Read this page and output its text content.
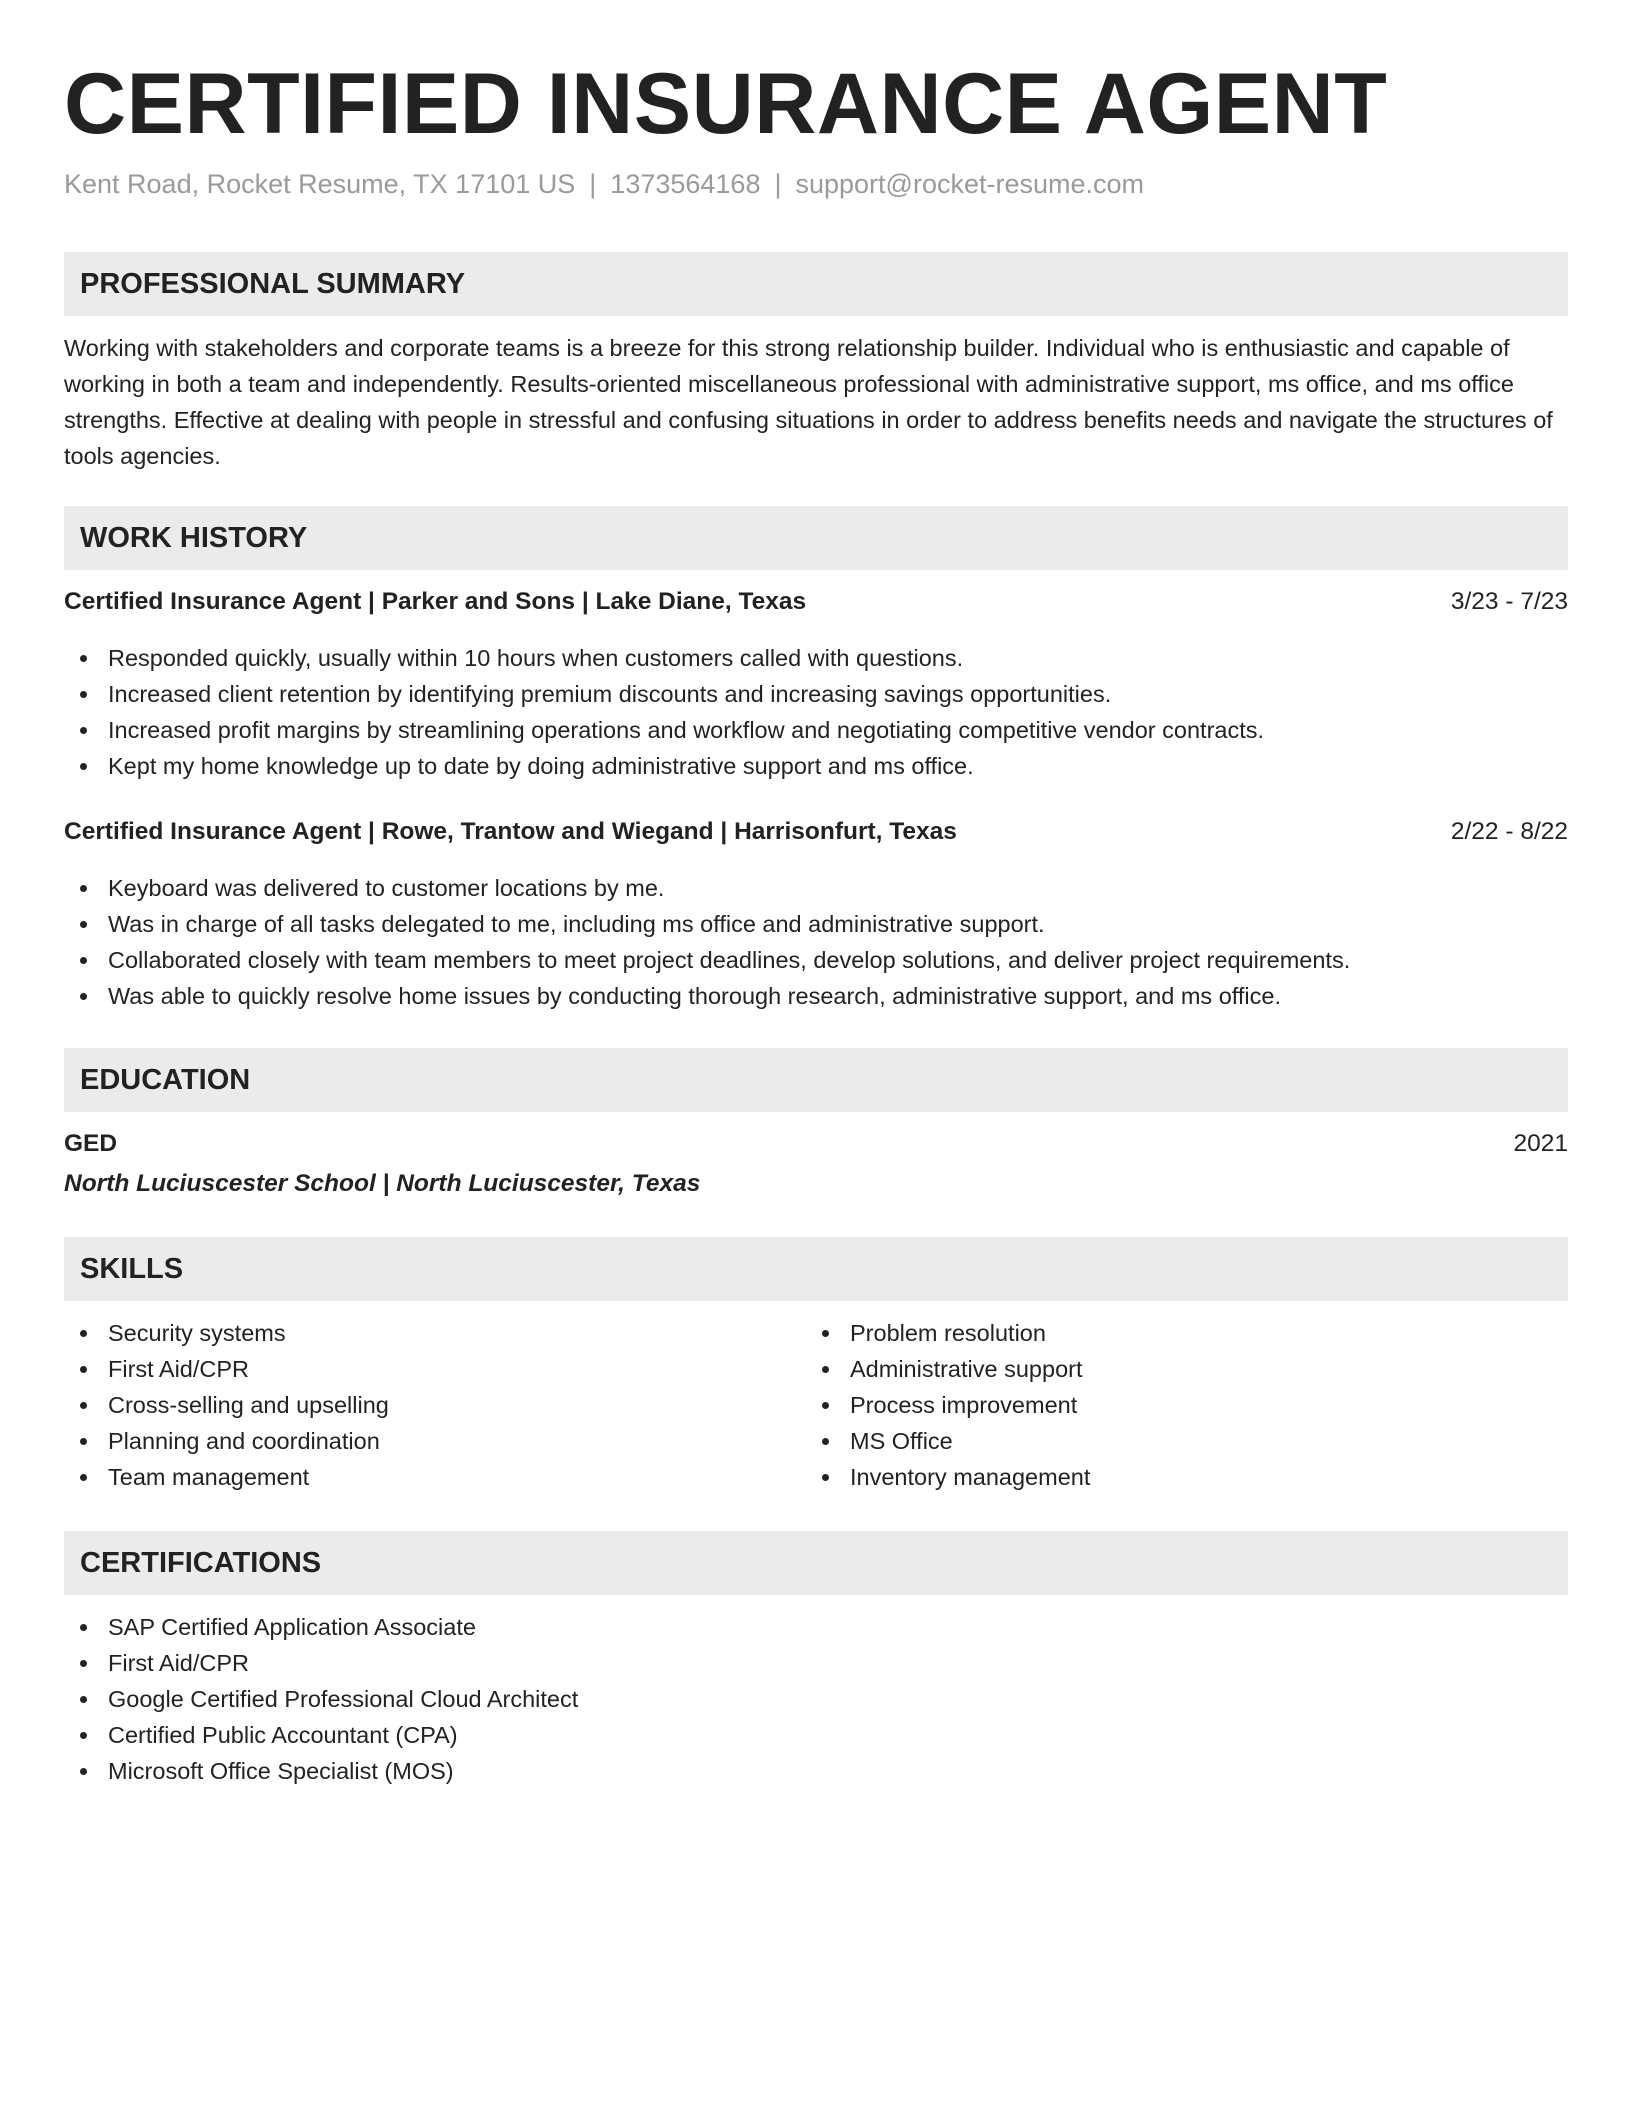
CERTIFIED INSURANCE AGENT
Kent Road, Rocket Resume, TX 17101 US | 1373564168 | support@rocket-resume.com
PROFESSIONAL SUMMARY
Working with stakeholders and corporate teams is a breeze for this strong relationship builder. Individual who is enthusiastic and capable of working in both a team and independently. Results-oriented miscellaneous professional with administrative support, ms office, and ms office strengths. Effective at dealing with people in stressful and confusing situations in order to address benefits needs and navigate the structures of tools agencies.
WORK HISTORY
Certified Insurance Agent | Parker and Sons | Lake Diane, Texas	3/23 - 7/23
Responded quickly, usually within 10 hours when customers called with questions.
Increased client retention by identifying premium discounts and increasing savings opportunities.
Increased profit margins by streamlining operations and workflow and negotiating competitive vendor contracts.
Kept my home knowledge up to date by doing administrative support and ms office.
Certified Insurance Agent | Rowe, Trantow and Wiegand | Harrisonfurt, Texas	2/22 - 8/22
Keyboard was delivered to customer locations by me.
Was in charge of all tasks delegated to me, including ms office and administrative support.
Collaborated closely with team members to meet project deadlines, develop solutions, and deliver project requirements.
Was able to quickly resolve home issues by conducting thorough research, administrative support, and ms office.
EDUCATION
GED	2021
North Luciuscester School | North Luciuscester, Texas
SKILLS
Security systems
First Aid/CPR
Cross-selling and upselling
Planning and coordination
Team management
Problem resolution
Administrative support
Process improvement
MS Office
Inventory management
CERTIFICATIONS
SAP Certified Application Associate
First Aid/CPR
Google Certified Professional Cloud Architect
Certified Public Accountant (CPA)
Microsoft Office Specialist (MOS)
